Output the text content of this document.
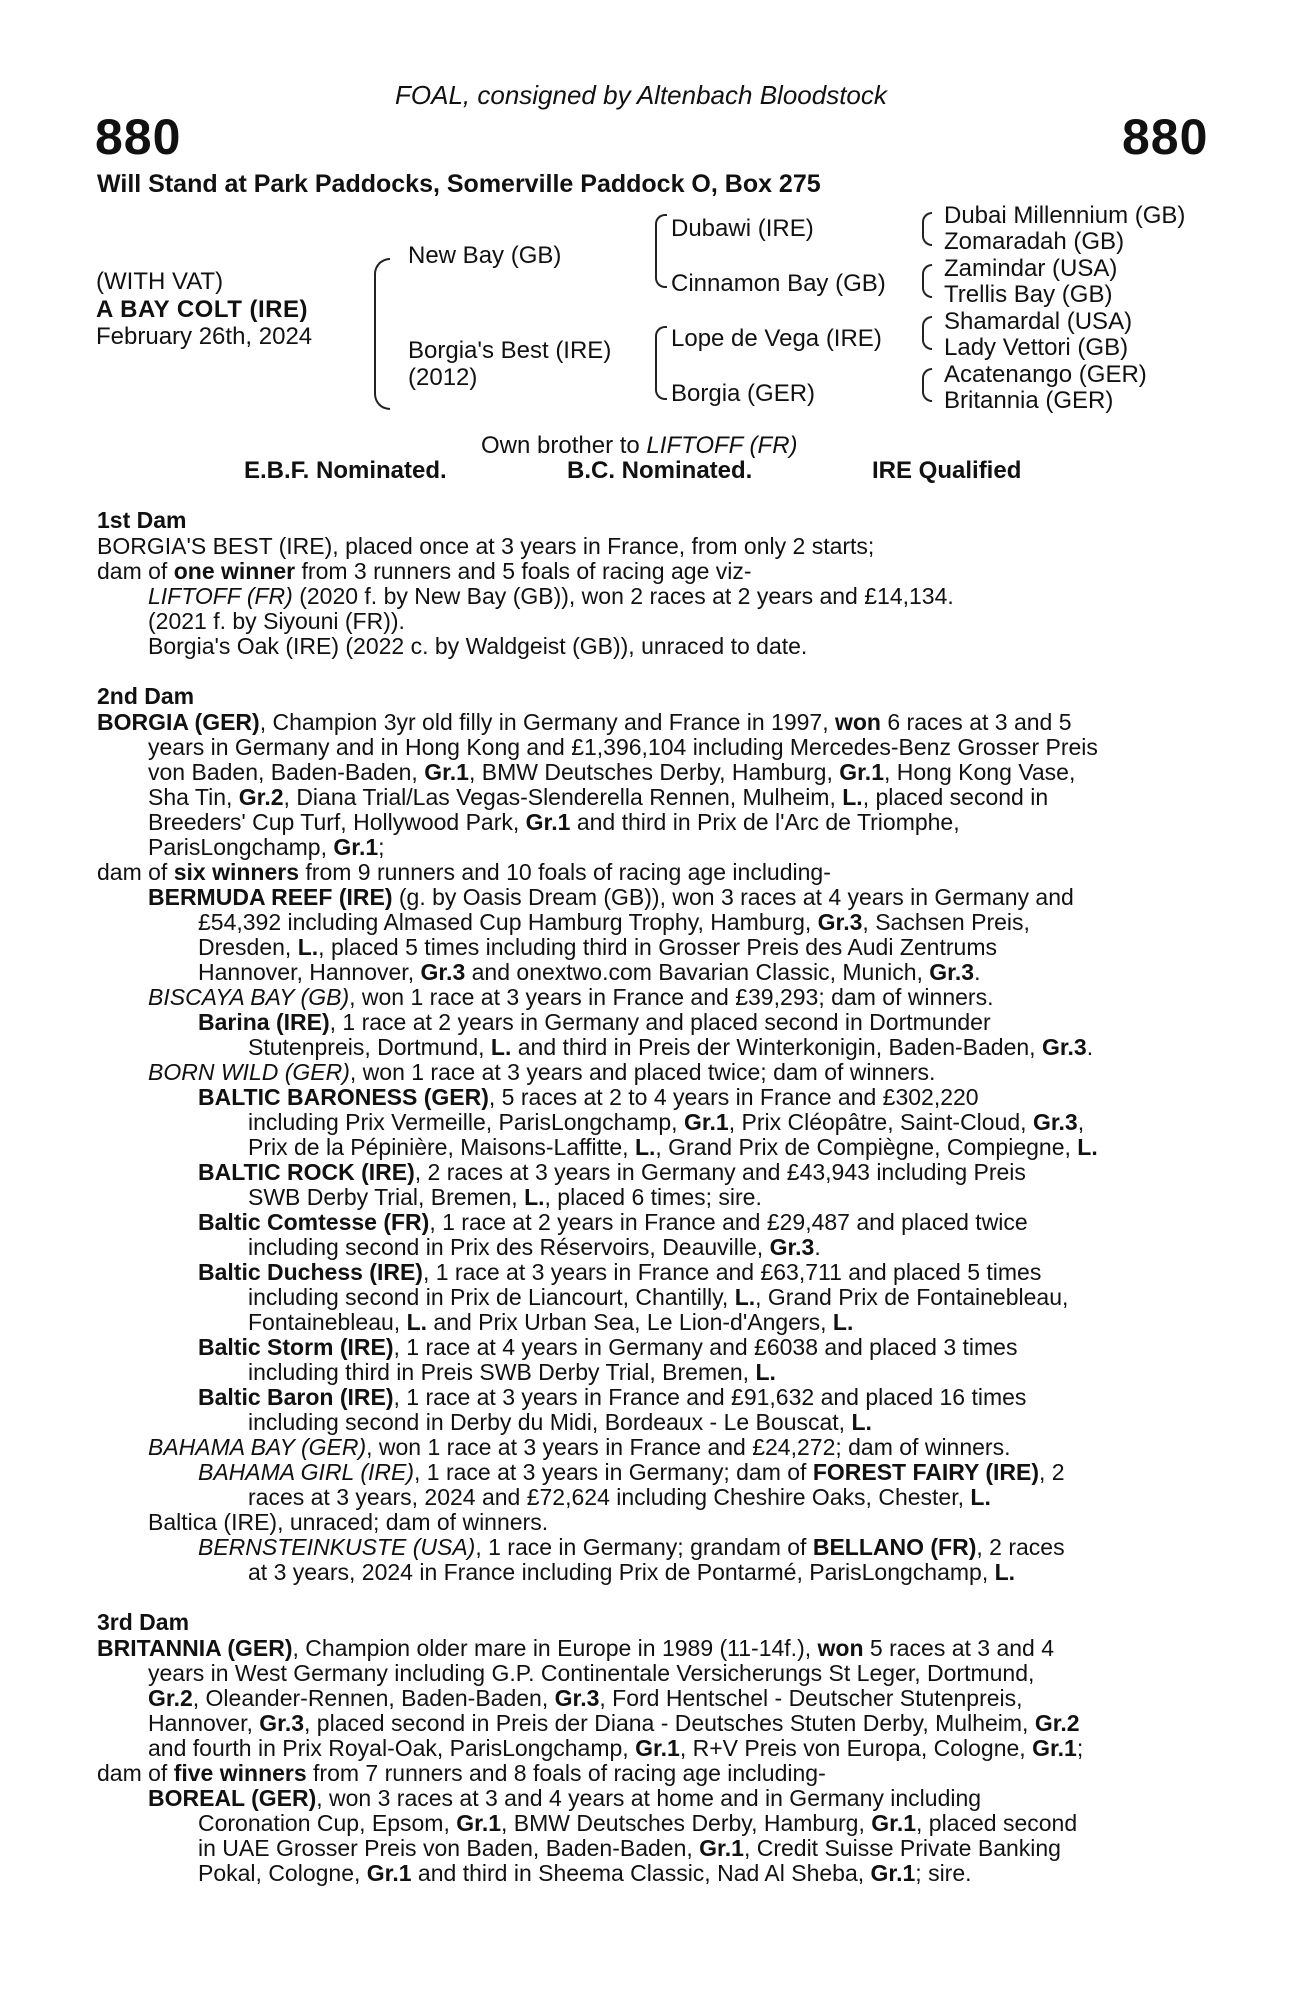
FOAL, consigned by Altenbach Bloodstock
880	880
Will Stand at Park Paddocks, Somerville Paddock O, Box 275
(WITH VAT)
A BAY COLT (IRE)
February 26th, 2024
New Bay (GB)
Borgia's Best (IRE)
(2012)
Dubawi (IRE)
Cinnamon Bay (GB)
Lope de Vega (IRE)
Borgia (GER)
Dubai Millennium (GB)
Zomaradah (GB)
Zamindar (USA)
Trellis Bay (GB)
Shamardal (USA)
Lady Vettori (GB)
Acatenango (GER)
Britannia (GER)
Own brother to LIFTOFF (FR)
E.B.F. Nominated.	B.C. Nominated.	IRE Qualified
1st Dam
BORGIA'S BEST (IRE), placed once at 3 years in France, from only 2 starts;
dam of one winner from 3 runners and 5 foals of racing age viz-
LIFTOFF (FR) (2020 f. by New Bay (GB)), won 2 races at 2 years and £14,134.
(2021 f. by Siyouni (FR)).
Borgia's Oak (IRE) (2022 c. by Waldgeist (GB)), unraced to date.
2nd Dam
BORGIA (GER), Champion 3yr old filly in Germany and France in 1997, won 6 races at 3 and 5
years in Germany and in Hong Kong and £1,396,104 including Mercedes-Benz Grosser Preis
von Baden, Baden-Baden, Gr.1, BMW Deutsches Derby, Hamburg, Gr.1, Hong Kong Vase,
Sha Tin, Gr.2, Diana Trial/Las Vegas-Slenderella Rennen, Mulheim, L., placed second in
Breeders' Cup Turf, Hollywood Park, Gr.1 and third in Prix de l'Arc de Triomphe,
ParisLongchamp, Gr.1;
dam of six winners from 9 runners and 10 foals of racing age including-
BERMUDA REEF (IRE) (g. by Oasis Dream (GB)), won 3 races at 4 years in Germany and
£54,392 including Almased Cup Hamburg Trophy, Hamburg, Gr.3, Sachsen Preis,
Dresden, L., placed 5 times including third in Grosser Preis des Audi Zentrums
Hannover, Hannover, Gr.3 and onextwo.com Bavarian Classic, Munich, Gr.3.
BISCAYA BAY (GB), won 1 race at 3 years in France and £39,293; dam of winners.
Barina (IRE), 1 race at 2 years in Germany and placed second in Dortmunder
Stutenpreis, Dortmund, L. and third in Preis der Winterkonigin, Baden-Baden, Gr.3.
BORN WILD (GER), won 1 race at 3 years and placed twice; dam of winners.
BALTIC BARONESS (GER), 5 races at 2 to 4 years in France and £302,220
including Prix Vermeille, ParisLongchamp, Gr.1, Prix Cléopâtre, Saint-Cloud, Gr.3,
Prix de la Pépinière, Maisons-Laffitte, L., Grand Prix de Compiègne, Compiegne, L.
BALTIC ROCK (IRE), 2 races at 3 years in Germany and £43,943 including Preis
SWB Derby Trial, Bremen, L., placed 6 times; sire.
Baltic Comtesse (FR), 1 race at 2 years in France and £29,487 and placed twice
including second in Prix des Réservoirs, Deauville, Gr.3.
Baltic Duchess (IRE), 1 race at 3 years in France and £63,711 and placed 5 times
including second in Prix de Liancourt, Chantilly, L., Grand Prix de Fontainebleau,
Fontainebleau, L. and Prix Urban Sea, Le Lion-d'Angers, L.
Baltic Storm (IRE), 1 race at 4 years in Germany and £6038 and placed 3 times
including third in Preis SWB Derby Trial, Bremen, L.
Baltic Baron (IRE), 1 race at 3 years in France and £91,632 and placed 16 times
including second in Derby du Midi, Bordeaux - Le Bouscat, L.
BAHAMA BAY (GER), won 1 race at 3 years in France and £24,272; dam of winners.
BAHAMA GIRL (IRE), 1 race at 3 years in Germany; dam of FOREST FAIRY (IRE), 2
races at 3 years, 2024 and £72,624 including Cheshire Oaks, Chester, L.
Baltica (IRE), unraced; dam of winners.
BERNSTEINKUSTE (USA), 1 race in Germany; grandam of BELLANO (FR), 2 races
at 3 years, 2024 in France including Prix de Pontarmé, ParisLongchamp, L.
3rd Dam
BRITANNIA (GER), Champion older mare in Europe in 1989 (11-14f.), won 5 races at 3 and 4
years in West Germany including G.P. Continentale Versicherungs St Leger, Dortmund,
Gr.2, Oleander-Rennen, Baden-Baden, Gr.3, Ford Hentschel - Deutscher Stutenpreis,
Hannover, Gr.3, placed second in Preis der Diana - Deutsches Stuten Derby, Mulheim, Gr.2
and fourth in Prix Royal-Oak, ParisLongchamp, Gr.1, R+V Preis von Europa, Cologne, Gr.1;
dam of five winners from 7 runners and 8 foals of racing age including-
BOREAL (GER), won 3 races at 3 and 4 years at home and in Germany including
Coronation Cup, Epsom, Gr.1, BMW Deutsches Derby, Hamburg, Gr.1, placed second
in UAE Grosser Preis von Baden, Baden-Baden, Gr.1, Credit Suisse Private Banking
Pokal, Cologne, Gr.1 and third in Sheema Classic, Nad Al Sheba, Gr.1; sire.
